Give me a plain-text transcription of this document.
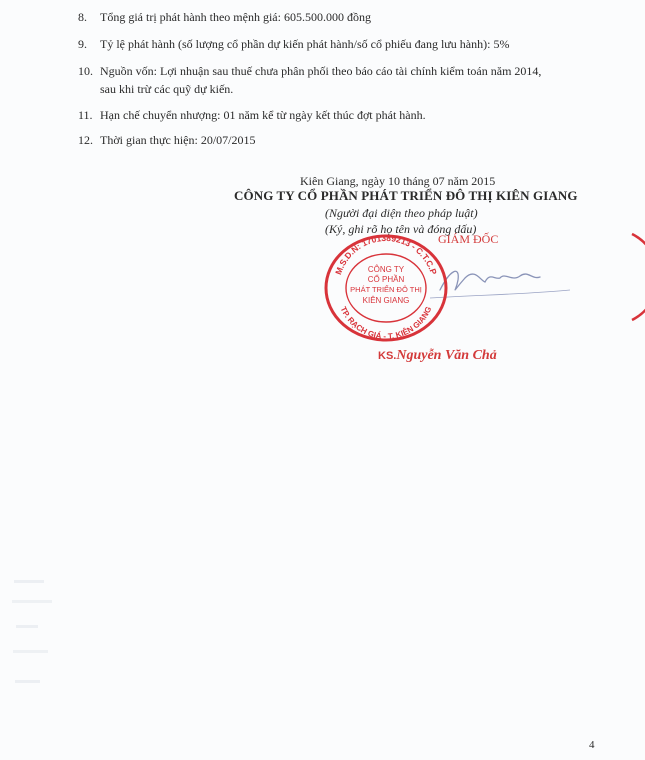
8. Tổng giá trị phát hành theo mệnh giá: 605.500.000 đồng
9. Tỷ lệ phát hành (số lượng cổ phần dự kiến phát hành/số cổ phiếu đang lưu hành): 5%
10. Nguồn vốn: Lợi nhuận sau thuế chưa phân phối theo báo cáo tài chính kiểm toán năm 2014,
sau khi trừ các quỹ dự kiến.
11. Hạn chế chuyển nhượng: 01 năm kể từ ngày kết thúc đợt phát hành.
12. Thời gian thực hiện: 20/07/2015
Kiên Giang, ngày 10 tháng 07 năm 2015
CÔNG TY CỔ PHẦN PHÁT TRIỂN ĐÔ THỊ KIÊN GIANG
(Người đại diện theo pháp luật)
(Ký, ghi rõ họ tên và đóng dấu)
GIÁM ĐỐC
M.S.D.N: 1701389213 - C.T.C.P
TP. RẠCH GIÁ - T. KIÊN GIANG
CÔNG TY
CỔ PHẦN
PHÁT TRIỂN ĐÔ THỊ
KIÊN GIANG
KS.Nguyễn Văn Chả
4
